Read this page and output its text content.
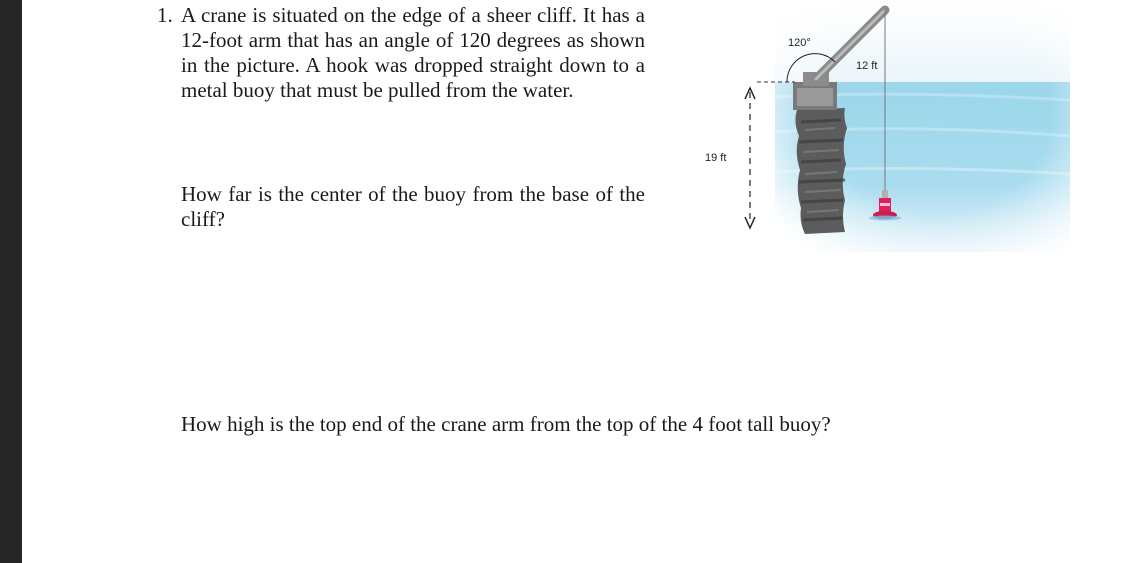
1. A crane is situated on the edge of a sheer cliff. It has a 12-foot arm that has an angle of 120 degrees as shown in the picture. A hook was dropped straight down to a metal buoy that must be pulled from the water.
How far is the center of the buoy from the base of the cliff?
How high is the top end of the crane arm from the top of the 4 foot tall buoy?
120°
12 ft
19 ft
